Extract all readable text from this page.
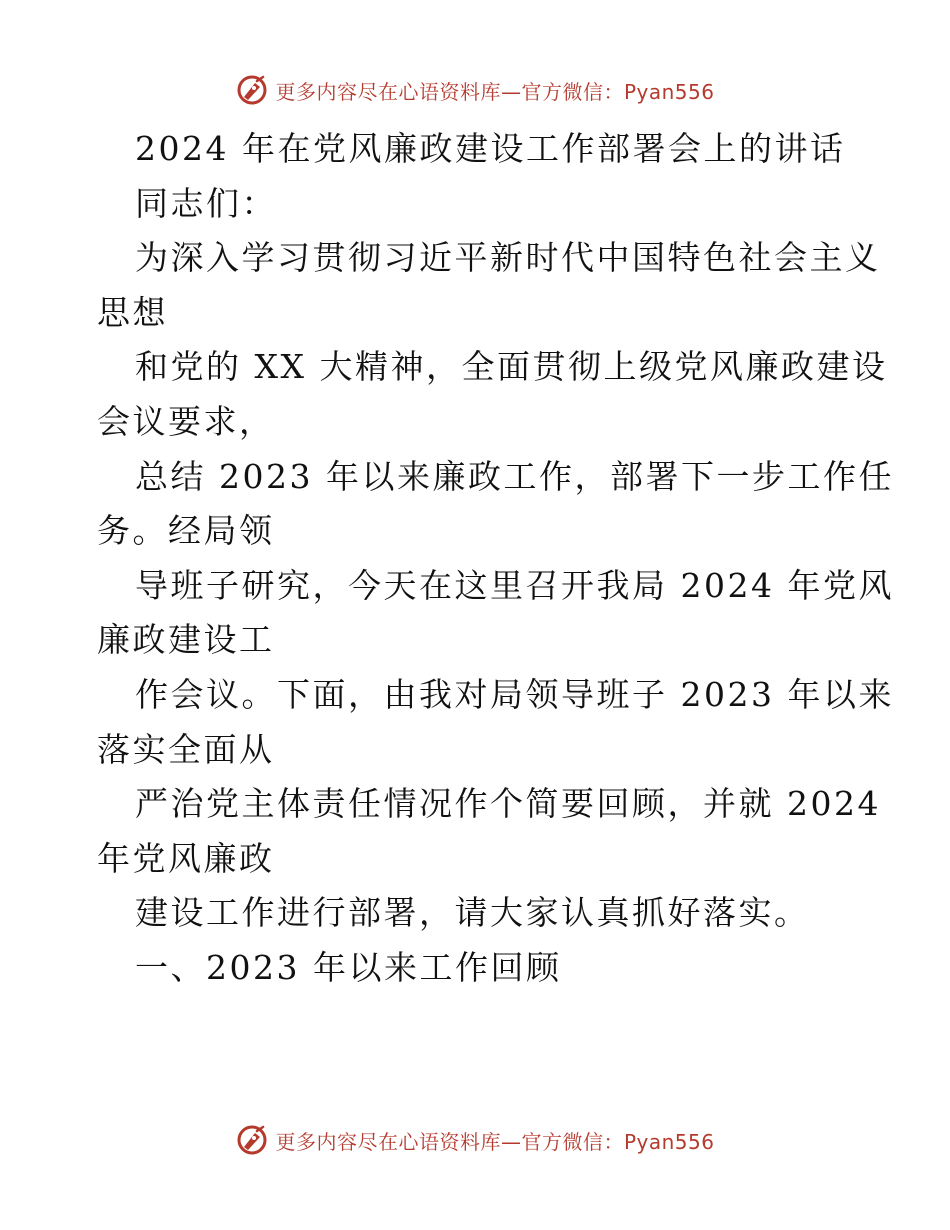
更多内容尽在心语资料库—官方微信：Pyan556
2024 年在党风廉政建设工作部署会上的讲话
同志们：
为深入学习贯彻习近平新时代中国特色社会主义
思想
和党的 XX 大精神，全面贯彻上级党风廉政建设
会议要求，
总结 2023 年以来廉政工作，部署下一步工作任
务。经局领
导班子研究，今天在这里召开我局 2024 年党风
廉政建设工
作会议。下面，由我对局领导班子 2023 年以来
落实全面从
严治党主体责任情况作个简要回顾，并就 2024
年党风廉政
建设工作进行部署，请大家认真抓好落实。
一、2023 年以来工作回顾
更多内容尽在心语资料库—官方微信：Pyan556
